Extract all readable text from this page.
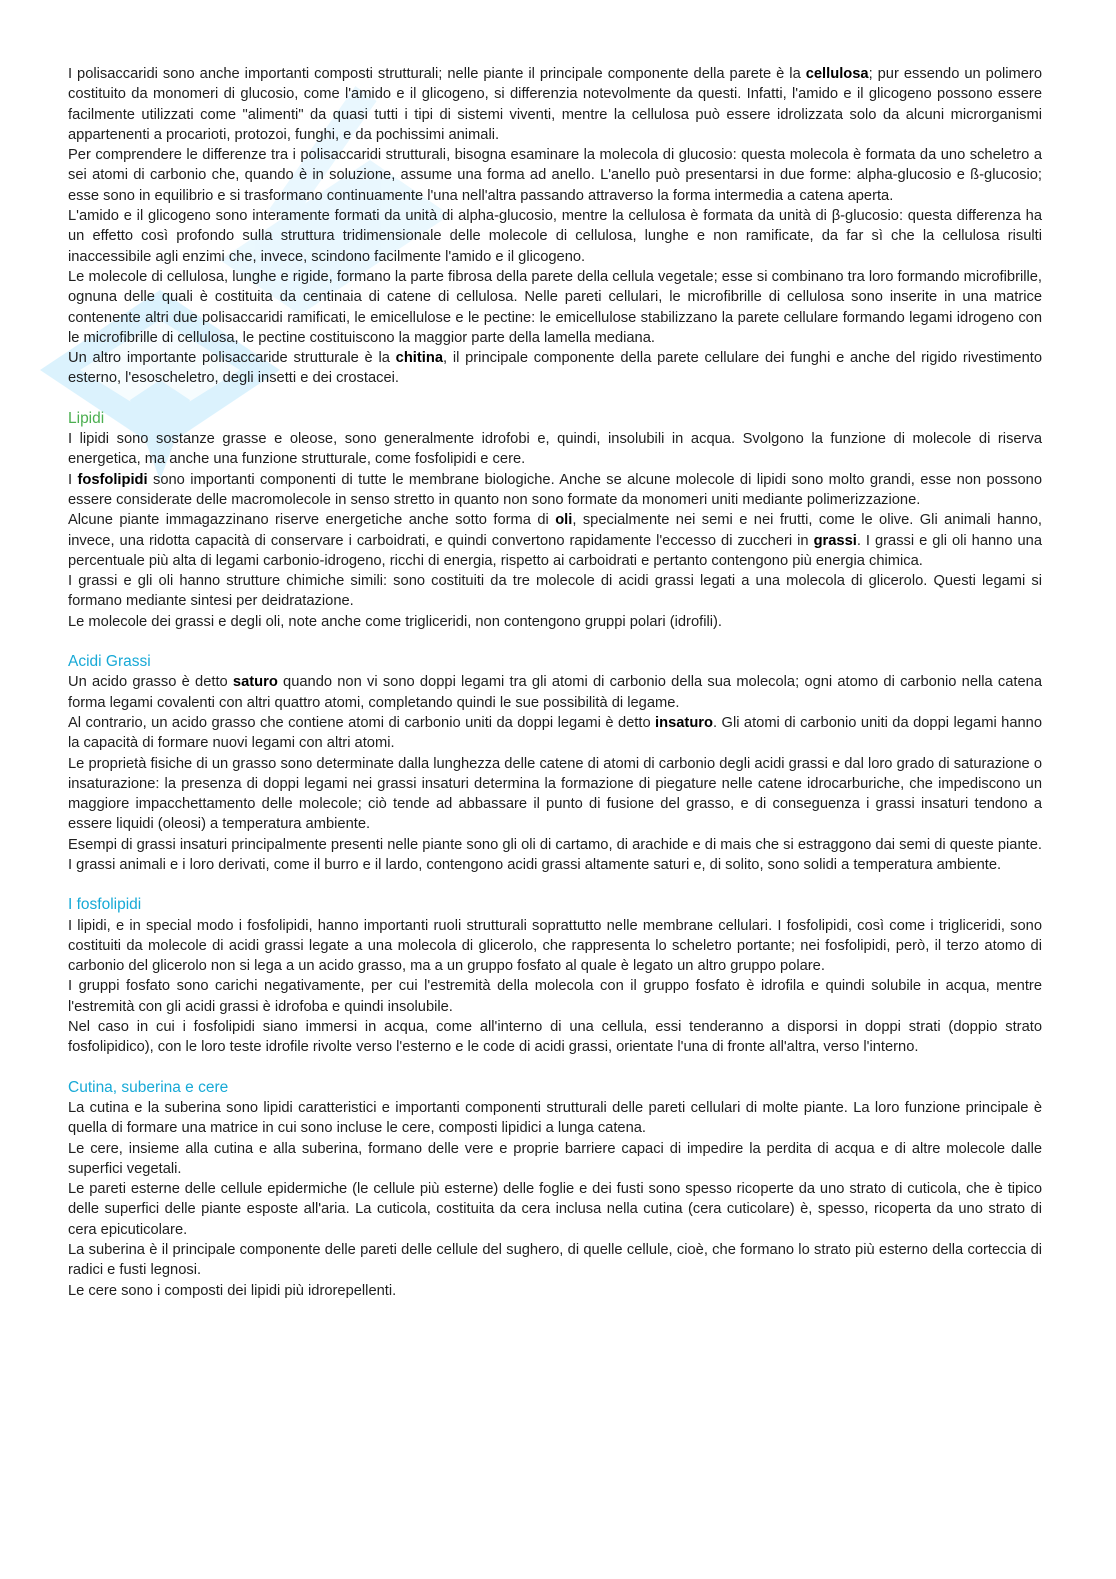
I polisaccaridi sono anche importanti composti strutturali; nelle piante il principale componente della parete è la cellulosa; pur essendo un polimero costituito da monomeri di glucosio, come l'amido e il glicogeno, si differenzia notevolmente da questi. Infatti, l'amido e il glicogeno possono essere facilmente utilizzati come "alimenti" da quasi tutti i tipi di sistemi viventi, mentre la cellulosa può essere idrolizzata solo da alcuni microrganismi appartenenti a procarioti, protozoi, funghi, e da pochissimi animali.

Per comprendere le differenze tra i polisaccaridi strutturali, bisogna esaminare la molecola di glucosio: questa molecola è formata da uno scheletro a sei atomi di carbonio che, quando è in soluzione, assume una forma ad anello. L'anello può presentarsi in due forme: alpha-glucosio e ß-glucosio; esse sono in equilibrio e si trasformano continuamente l'una nell'altra passando attraverso la forma intermedia a catena aperta.

L'amido e il glicogeno sono interamente formati da unità di alpha-glucosio, mentre la cellulosa è formata da unità di β-glucosio: questa differenza ha un effetto così profondo sulla struttura tridimensionale delle molecole di cellulosa, lunghe e non ramificate, da far sì che la cellulosa risulti inaccessibile agli enzimi che, invece, scindono facilmente l'amido e il glicogeno.

Le molecole di cellulosa, lunghe e rigide, formano la parte fibrosa della parete della cellula vegetale; esse si combinano tra loro formando microfibrille, ognuna delle quali è costituita da centinaia di catene di cellulosa. Nelle pareti cellulari, le microfibrille di cellulosa sono inserite in una matrice contenente altri due polisaccaridi ramificati, le emicellulose e le pectine: le emicellulose stabilizzano la parete cellulare formando legami idrogeno con le microfibrille di cellulosa, le pectine costituiscono la maggior parte della lamella mediana.

Un altro importante polisaccaride strutturale è la chitina, il principale componente della parete cellulare dei funghi e anche del rigido rivestimento esterno, l'esoscheletro, degli insetti e dei crostacei.

Lipidi

I lipidi sono sostanze grasse e oleose, sono generalmente idrofobi e, quindi, insolubili in acqua. Svolgono la funzione di molecole di riserva energetica, ma anche una funzione strutturale, come fosfolipidi e cere.

I fosfolipidi sono importanti componenti di tutte le membrane biologiche. Anche se alcune molecole di lipidi sono molto grandi, esse non possono essere considerate delle macromolecole in senso stretto in quanto non sono formate da monomeri uniti mediante polimerizzazione.

Alcune piante immagazzinano riserve energetiche anche sotto forma di oli, specialmente nei semi e nei frutti, come le olive. Gli animali hanno, invece, una ridotta capacità di conservare i carboidrati, e quindi convertono rapidamente l'eccesso di zuccheri in grassi. I grassi e gli oli hanno una percentuale più alta di legami carbonio-idrogeno, ricchi di energia, rispetto ai carboidrati e pertanto contengono più energia chimica.

I grassi e gli oli hanno strutture chimiche simili: sono costituiti da tre molecole di acidi grassi legati a una molecola di glicerolo. Questi legami si formano mediante sintesi per deidratazione.

Le molecole dei grassi e degli oli, note anche come trigliceridi, non contengono gruppi polari (idrofili).

Acidi Grassi

Un acido grasso è detto saturo quando non vi sono doppi legami tra gli atomi di carbonio della sua molecola; ogni atomo di carbonio nella catena forma legami covalenti con altri quattro atomi, completando quindi le sue possibilità di legame.

Al contrario, un acido grasso che contiene atomi di carbonio uniti da doppi legami è detto insaturo. Gli atomi di carbonio uniti da doppi legami hanno la capacità di formare nuovi legami con altri atomi.

Le proprietà fisiche di un grasso sono determinate dalla lunghezza delle catene di atomi di carbonio degli acidi grassi e dal loro grado di saturazione o insaturazione: la presenza di doppi legami nei grassi insaturi determina la formazione di piegature nelle catene idrocarburiche, che impediscono un maggiore impacchettamento delle molecole; ciò tende ad abbassare il punto di fusione del grasso, e di conseguenza i grassi insaturi tendono a essere liquidi (oleosi) a temperatura ambiente.

Esempi di grassi insaturi principalmente presenti nelle piante sono gli oli di cartamo, di arachide e di mais che si estraggono dai semi di queste piante.

I grassi animali e i loro derivati, come il burro e il lardo, contengono acidi grassi altamente saturi e, di solito, sono solidi a temperatura ambiente.

I fosfolipidi

I lipidi, e in special modo i fosfolipidi, hanno importanti ruoli strutturali soprattutto nelle membrane cellulari. I fosfolipidi, così come i trigliceridi, sono costituiti da molecole di acidi grassi legate a una molecola di glicerolo, che rappresenta lo scheletro portante; nei fosfolipidi, però, il terzo atomo di carbonio del glicerolo non si lega a un acido grasso, ma a un gruppo fosfato al quale è legato un altro gruppo polare.

I gruppi fosfato sono carichi negativamente, per cui l'estremità della molecola con il gruppo fosfato è idrofila e quindi solubile in acqua, mentre l'estremità con gli acidi grassi è idrofoba e quindi insolubile.

Nel caso in cui i fosfolipidi siano immersi in acqua, come all'interno di una cellula, essi tenderanno a disporsi in doppi strati (doppio strato fosfolipidico), con le loro teste idrofile rivolte verso l'esterno e le code di acidi grassi, orientate l'una di fronte all'altra, verso l'interno.

Cutina, suberina e cere

La cutina e la suberina sono lipidi caratteristici e importanti componenti strutturali delle pareti cellulari di molte piante. La loro funzione principale è quella di formare una matrice in cui sono incluse le cere, composti lipidici a lunga catena.

Le cere, insieme alla cutina e alla suberina, formano delle vere e proprie barriere capaci di impedire la perdita di acqua e di altre molecole dalle superfici vegetali.

Le pareti esterne delle cellule epidermiche (le cellule più esterne) delle foglie e dei fusti sono spesso ricoperte da uno strato di cuticola, che è tipico delle superfici delle piante esposte all'aria. La cuticola, costituita da cera inclusa nella cutina (cera cuticolare) è, spesso, ricoperta da uno strato di cera epicuticolare.

La suberina è il principale componente delle pareti delle cellule del sughero, di quelle cellule, cioè, che formano lo strato più esterno della corteccia di radici e fusti legnosi.

Le cere sono i composti dei lipidi più idrorepellenti.
